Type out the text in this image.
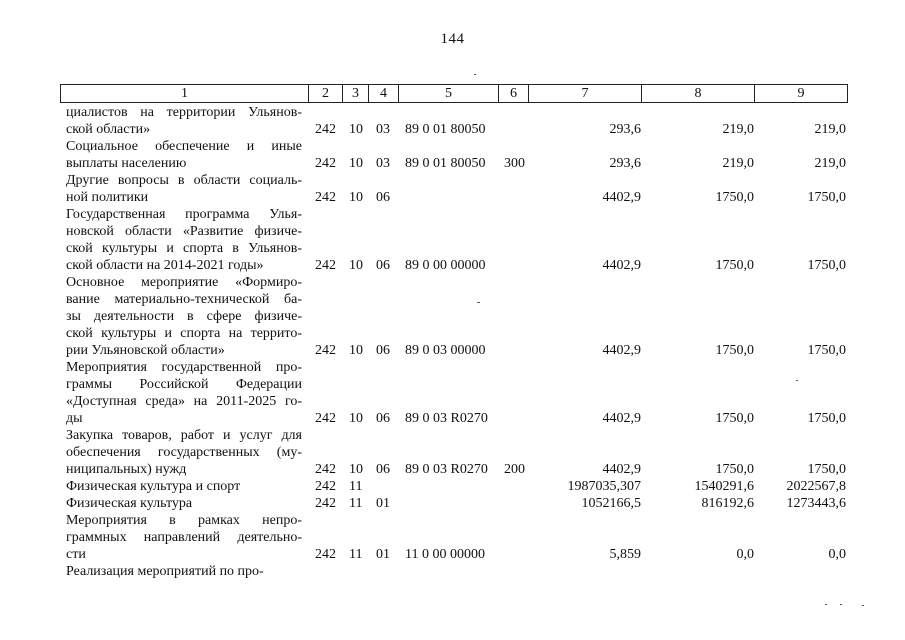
144
1	2	3	4	5	6	7	8	9
циалистов на территории Ульянов-
ской области»	242 10 03 89 0 01 80050	293,6	219,0	219,0
Социальное обеспечение и иные
выплаты населению	242 10 03 89 0 01 80050 300	293,6	219,0	219,0
Другие вопросы в области социаль-
ной политики	242 10 06	4402,9	1750,0	1750,0
Государственная программа Улья-
новской области «Развитие физиче-
ской культуры и спорта в Ульянов-
ской области на 2014-2021 годы»	242 10 06 89 0 00 00000	4402,9	1750,0	1750,0
Основное мероприятие «Формиро-
вание материально-технической ба-
зы деятельности в сфере физиче-
ской культуры и спорта на террито-
рии Ульяновской области»	242 10 06 89 0 03 00000	4402,9	1750,0	1750,0
Мероприятия государственной про-
граммы Российской Федерации
«Доступная среда» на 2011-2025 го-
ды	242 10 06 89 0 03 R0270	4402,9	1750,0	1750,0
Закупка товаров, работ и услуг для
обеспечения государственных (му-
ниципальных) нужд	242 10 06 89 0 03 R0270 200	4402,9	1750,0	1750,0
Физическая культура и спорт	242 11	1987035,307	1540291,6 2022567,8
Физическая культура	242 11 01	1052166,5	816192,6 1273443,6
Мероприятия в рамках непро-
граммных направлений деятельно-
сти	242 11 01 11 0 00 00000	5,859	0,0	0,0
Реализация мероприятий по про-
